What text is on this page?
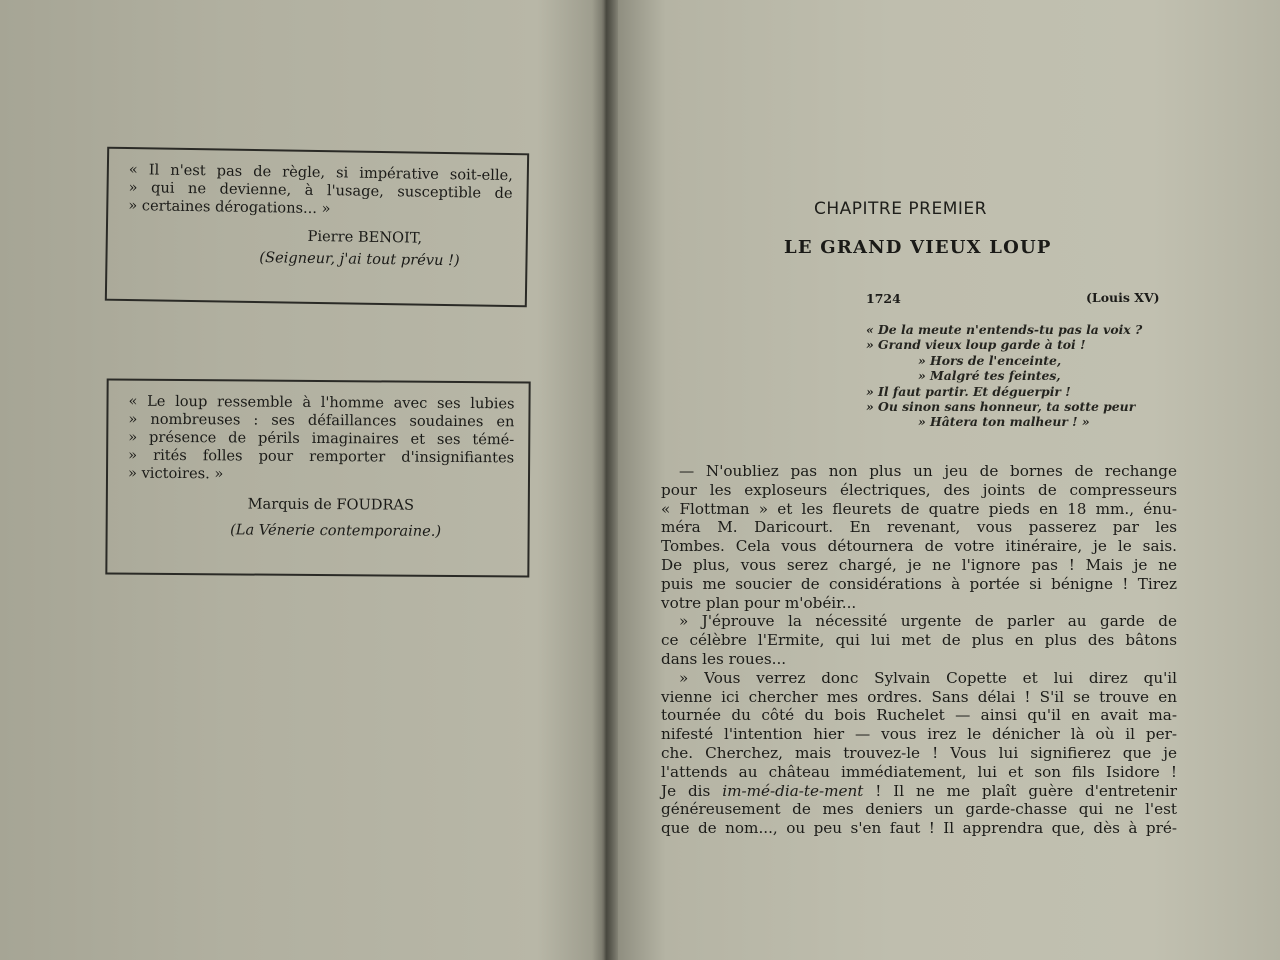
« Il n'est pas de règle, si impérative soit-elle,
» qui ne devienne, à l'usage, susceptible de
» certaines dérogations... »
Pierre BENOIT,
(Seigneur, j'ai tout prévu !)
« Le loup ressemble à l'homme avec ses lubies
» nombreuses : ses défaillances soudaines en
» présence de périls imaginaires et ses témé-
» rités folles pour remporter d'insignifiantes
» victoires. »
Marquis de FOUDRAS
(La Vénerie contemporaine.)
CHAPITRE PREMIER
LE GRAND VIEUX LOUP
1724	(Louis XV)
« De la meute n'entends-tu pas la voix ?
» Grand vieux loup garde à toi !
» Hors de l'enceinte,
» Malgré tes feintes,
» Il faut partir. Et déguerpir !
» Ou sinon sans honneur, ta sotte peur
» Hâtera ton malheur ! »
— N'oubliez pas non plus un jeu de bornes de rechange
pour les exploseurs électriques, des joints de compresseurs
« Flottman » et les fleurets de quatre pieds en 18 mm., énu-
méra M. Daricourt. En revenant, vous passerez par les
Tombes. Cela vous détournera de votre itinéraire, je le sais.
De plus, vous serez chargé, je ne l'ignore pas ! Mais je ne
puis me soucier de considérations à portée si bénigne ! Tirez
votre plan pour m'obéir...
» J'éprouve la nécessité urgente de parler au garde de
ce célèbre l'Ermite, qui lui met de plus en plus des bâtons
dans les roues...
» Vous verrez donc Sylvain Copette et lui direz qu'il
vienne ici chercher mes ordres. Sans délai ! S'il se trouve en
tournée du côté du bois Ruchelet — ainsi qu'il en avait ma-
nifesté l'intention hier — vous irez le dénicher là où il per-
che. Cherchez, mais trouvez-le ! Vous lui signifierez que je
l'attends au château immédiatement, lui et son fils Isidore !
Je dis im-mé-dia-te-ment ! Il ne me plaît guère d'entretenir
généreusement de mes deniers un garde-chasse qui ne l'est
que de nom..., ou peu s'en faut ! Il apprendra que, dès à pré-
